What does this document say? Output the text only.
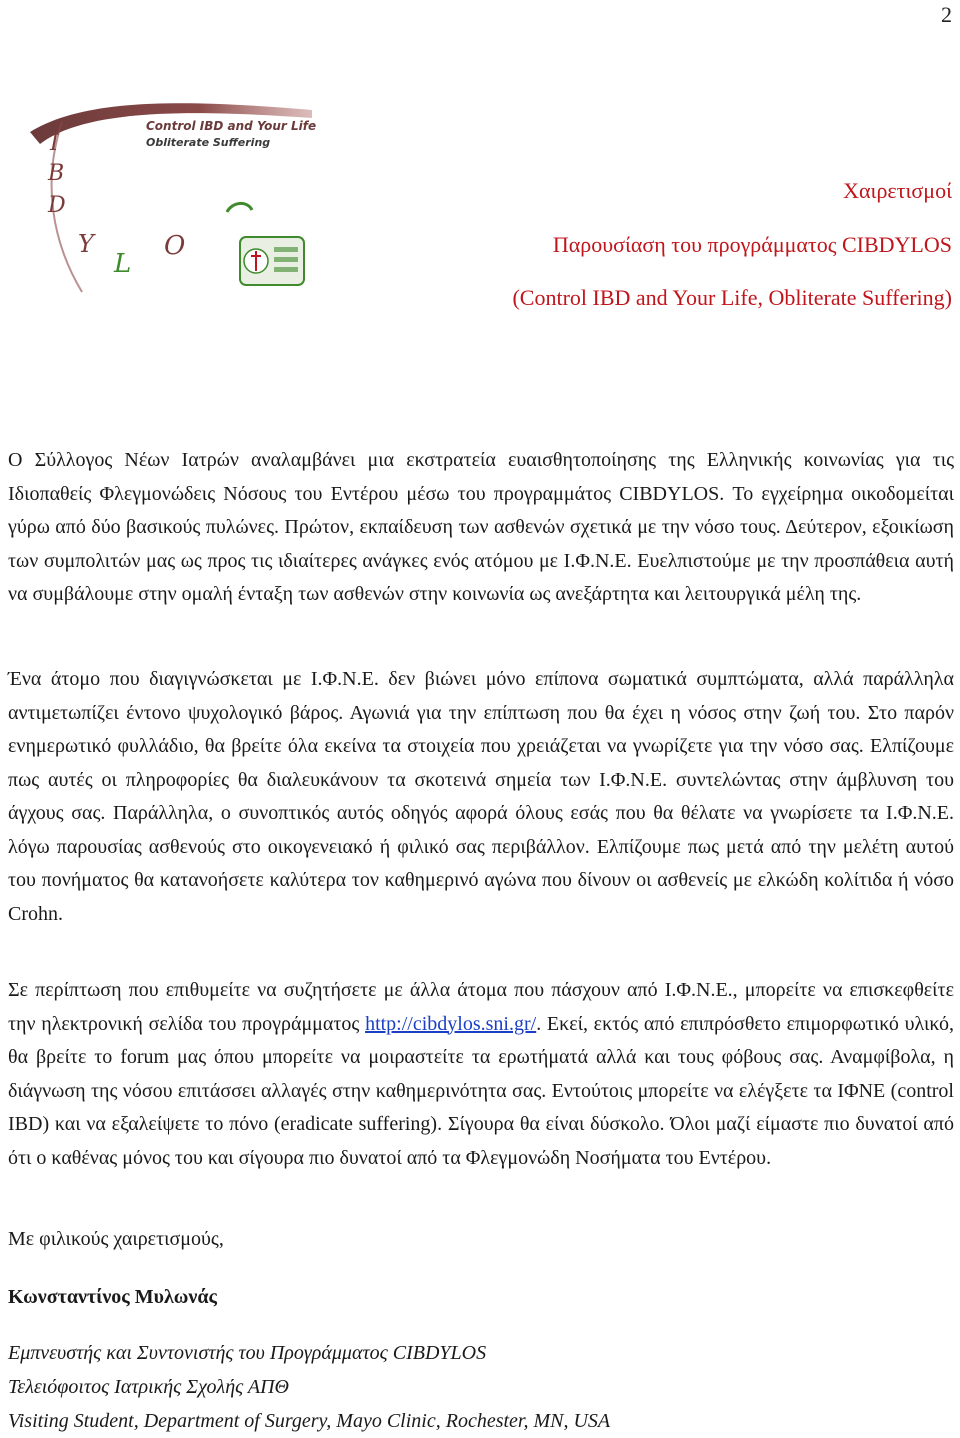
2
I
B
D
Y
L
O
Control IBD and Your Life
Obliterate Suffering
Χαιρετισμοί
Παρουσίαση του προγράμματος CIBDYLOS
(Control IBD and Your Life, Obliterate Suffering)

Ο Σύλλογος Νέων Ιατρών αναλαμβάνει μια εκστρατεία ευαισθητοποίησης της Ελληνικής κοινωνίας για τις Ιδιοπαθείς Φλεγμονώδεις Νόσους του Εντέρου μέσω του προγραμμάτος CIBDYLOS. Το εγχείρημα οικοδομείται γύρω από δύο βασικούς πυλώνες. Πρώτον, εκπαίδευση των ασθενών σχετικά με την νόσο τους. Δεύτερον, εξοικίωση των συμπολιτών μας ως προς τις ιδιαίτερες ανάγκες ενός ατόμου με Ι.Φ.Ν.Ε. Ευελπιστούμε με την προσπάθεια αυτή να συμβάλουμε στην ομαλή ένταξη των ασθενών στην κοινωνία ως ανεξάρτητα και λειτουργικά μέλη της.

Ένα άτομο που διαγιγνώσκεται με Ι.Φ.Ν.Ε. δεν βιώνει μόνο επίπονα σωματικά συμπτώματα, αλλά παράλληλα αντιμετωπίζει έντονο ψυχολογικό βάρος. Αγωνιά για την επίπτωση που θα έχει η νόσος στην ζωή του. Στο παρόν ενημερωτικό φυλλάδιο, θα βρείτε όλα εκείνα τα στοιχεία που χρειάζεται να γνωρίζετε για την νόσο σας. Ελπίζουμε πως αυτές οι πληροφορίες θα διαλευκάνουν τα σκοτεινά σημεία των Ι.Φ.Ν.Ε. συντελώντας στην άμβλυνση του άγχους σας. Παράλληλα, ο συνοπτικός αυτός οδηγός αφορά όλους εσάς που θα θέλατε να γνωρίσετε τα Ι.Φ.Ν.Ε. λόγω παρουσίας ασθενούς στο οικογενειακό ή φιλικό σας περιβάλλον. Ελπίζουμε πως μετά από την μελέτη αυτού του πονήματος θα κατανοήσετε καλύτερα τον καθημερινό αγώνα που δίνουν οι ασθενείς με ελκώδη κολίτιδα ή νόσο Crohn.

Σε περίπτωση που επιθυμείτε να συζητήσετε με άλλα άτομα που πάσχουν από Ι.Φ.Ν.Ε., μπορείτε να επισκεφθείτε την ηλεκτρονική σελίδα του προγράμματος http://cibdylos.sni.gr/. Εκεί, εκτός από επιπρόσθετο επιμορφωτικό υλικό, θα βρείτε το forum μας όπου μπορείτε να μοιραστείτε τα ερωτήματά αλλά και τους φόβους σας. Αναμφίβολα, η διάγνωση της νόσου επιτάσσει αλλαγές στην καθημερινότητα σας. Εντούτοις μπορείτε να ελέγξετε τα ΙΦΝΕ (control IBD) και να εξαλείψετε το πόνο (eradicate suffering). Σίγουρα θα είναι δύσκολο. Όλοι μαζί είμαστε πιο δυνατοί από ότι ο καθένας μόνος του και σίγουρα πιο δυνατοί από τα Φλεγμονώδη Νοσήματα του Εντέρου.

Με φιλικούς χαιρετισμούς,
Κωνσταντίνος Μυλωνάς
Εμπνευστής και Συντονιστής του Προγράμματος CIBDYLOS
Τελειόφοιτος Ιατρικής Σχολής ΑΠΘ
Visiting Student, Department of Surgery, Mayo Clinic, Rochester, MN, USA
